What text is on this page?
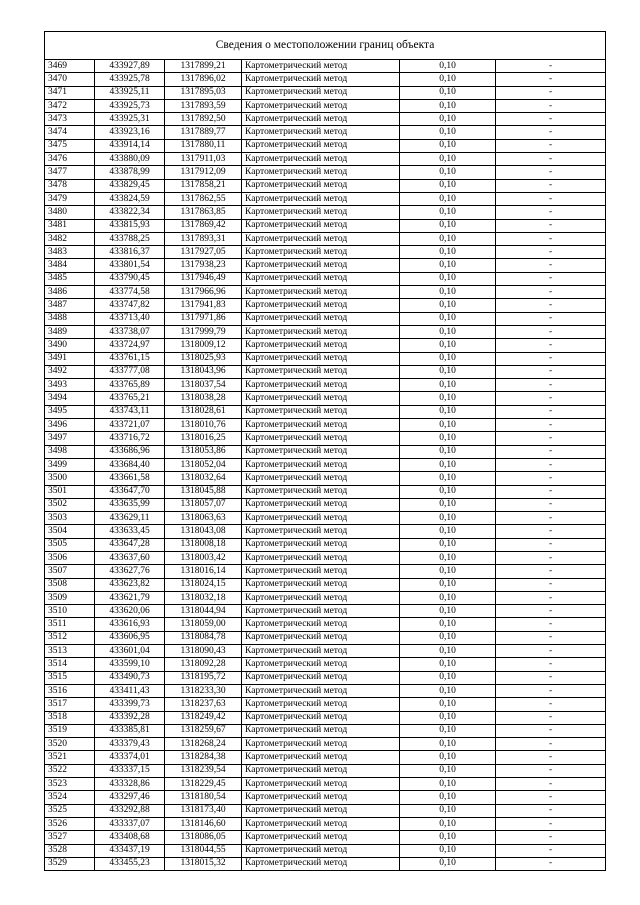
Сведения о местоположении границ объекта					
3469	433927,89	1317899,21	Картометрический метод	0,10	-
3470	433925,78	1317896,02	Картометрический метод	0,10	-
3471	433925,11	1317895,03	Картометрический метод	0,10	-
3472	433925,73	1317893,59	Картометрический метод	0,10	-
3473	433925,31	1317892,50	Картометрический метод	0,10	-
3474	433923,16	1317889,77	Картометрический метод	0,10	-
3475	433914,14	1317880,11	Картометрический метод	0,10	-
3476	433880,09	1317911,03	Картометрический метод	0,10	-
3477	433878,99	1317912,09	Картометрический метод	0,10	-
3478	433829,45	1317858,21	Картометрический метод	0,10	-
3479	433824,59	1317862,55	Картометрический метод	0,10	-
3480	433822,34	1317863,85	Картометрический метод	0,10	-
3481	433815,93	1317869,42	Картометрический метод	0,10	-
3482	433788,25	1317893,31	Картометрический метод	0,10	-
3483	433816,37	1317927,05	Картометрический метод	0,10	-
3484	433801,54	1317938,23	Картометрический метод	0,10	-
3485	433790,45	1317946,49	Картометрический метод	0,10	-
3486	433774,58	1317966,96	Картометрический метод	0,10	-
3487	433747,82	1317941,83	Картометрический метод	0,10	-
3488	433713,40	1317971,86	Картометрический метод	0,10	-
3489	433738,07	1317999,79	Картометрический метод	0,10	-
3490	433724,97	1318009,12	Картометрический метод	0,10	-
3491	433761,15	1318025,93	Картометрический метод	0,10	-
3492	433777,08	1318043,96	Картометрический метод	0,10	-
3493	433765,89	1318037,54	Картометрический метод	0,10	-
3494	433765,21	1318038,28	Картометрический метод	0,10	-
3495	433743,11	1318028,61	Картометрический метод	0,10	-
3496	433721,07	1318010,76	Картометрический метод	0,10	-
3497	433716,72	1318016,25	Картометрический метод	0,10	-
3498	433686,96	1318053,86	Картометрический метод	0,10	-
3499	433684,40	1318052,04	Картометрический метод	0,10	-
3500	433661,58	1318032,64	Картометрический метод	0,10	-
3501	433647,70	1318045,88	Картометрический метод	0,10	-
3502	433635,99	1318057,07	Картометрический метод	0,10	-
3503	433629,11	1318063,63	Картометрический метод	0,10	-
3504	433633,45	1318043,08	Картометрический метод	0,10	-
3505	433647,28	1318008,18	Картометрический метод	0,10	-
3506	433637,60	1318003,42	Картометрический метод	0,10	-
3507	433627,76	1318016,14	Картометрический метод	0,10	-
3508	433623,82	1318024,15	Картометрический метод	0,10	-
3509	433621,79	1318032,18	Картометрический метод	0,10	-
3510	433620,06	1318044,94	Картометрический метод	0,10	-
3511	433616,93	1318059,00	Картометрический метод	0,10	-
3512	433606,95	1318084,78	Картометрический метод	0,10	-
3513	433601,04	1318090,43	Картометрический метод	0,10	-
3514	433599,10	1318092,28	Картометрический метод	0,10	-
3515	433490,73	1318195,72	Картометрический метод	0,10	-
3516	433411,43	1318233,30	Картометрический метод	0,10	-
3517	433399,73	1318237,63	Картометрический метод	0,10	-
3518	433392,28	1318249,42	Картометрический метод	0,10	-
3519	433385,81	1318259,67	Картометрический метод	0,10	-
3520	433379,43	1318268,24	Картометрический метод	0,10	-
3521	433374,01	1318284,38	Картометрический метод	0,10	-
3522	433337,15	1318239,54	Картометрический метод	0,10	-
3523	433328,86	1318229,45	Картометрический метод	0,10	-
3524	433297,46	1318180,54	Картометрический метод	0,10	-
3525	433292,88	1318173,40	Картометрический метод	0,10	-
3526	433337,07	1318146,60	Картометрический метод	0,10	-
3527	433408,68	1318086,05	Картометрический метод	0,10	-
3528	433437,19	1318044,55	Картометрический метод	0,10	-
3529	433455,23	1318015,32	Картометрический метод	0,10	-
